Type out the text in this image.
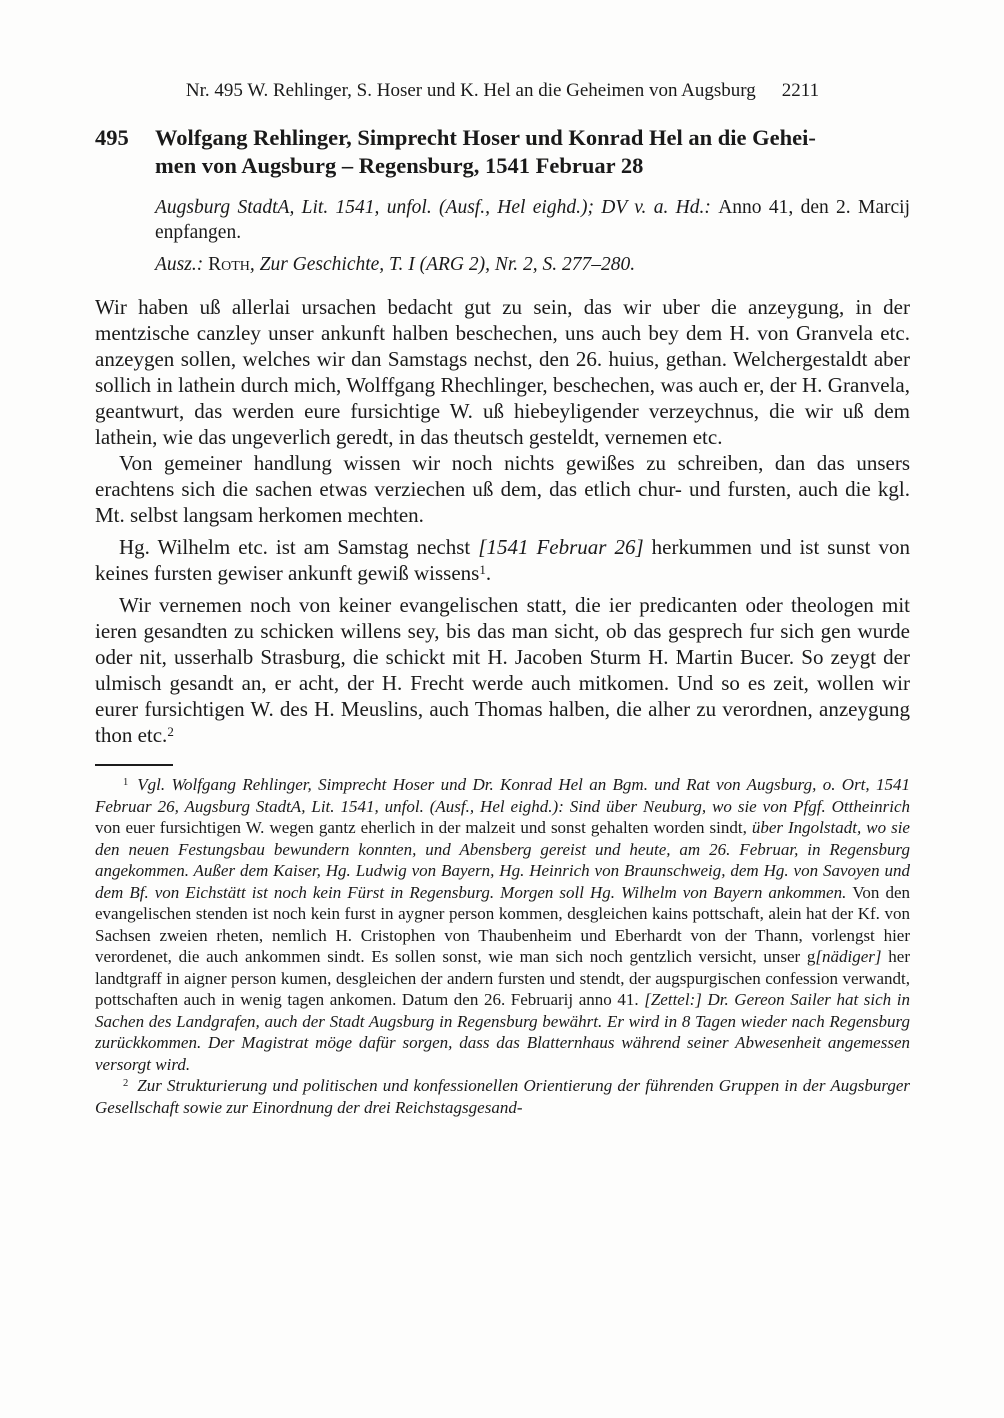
Nr. 495 W. Rehlinger, S. Hoser und K. Hel an die Geheimen von Augsburg 2211
495	Wolfgang Rehlinger, Simprecht Hoser und Konrad Hel an die Gehei-
men von Augsburg – Regensburg, 1541 Februar 28

Augsburg StadtA, Lit. 1541, unfol. (Ausf., Hel eighd.); DV v. a. Hd.: Anno 41, den 2. Marcij enpfangen.

Ausz.: Roth, Zur Geschichte, T. I (ARG 2), Nr. 2, S. 277–280.

Wir haben uß allerlai ursachen bedacht gut zu sein, das wir uber die anzeygung, in der mentzische canzley unser ankunft halben beschechen, uns auch bey dem H. von Granvela etc. anzeygen sollen, welches wir dan Samstags nechst, den 26. huius, gethan. Welchergestaldt aber sollich in lathein durch mich, Wolffgang Rhechlinger, beschechen, was auch er, der H. Granvela, geantwurt, das werden eure fursichtige W. uß hiebeyligender verzeychnus, die wir uß dem lathein, wie das ungeverlich geredt, in das theutsch gesteldt, vernemen etc.

Von gemeiner handlung wissen wir noch nichts gewißes zu schreiben, dan das unsers erachtens sich die sachen etwas verziechen uß dem, das etlich chur- und fursten, auch die kgl. Mt. selbst langsam herkomen mechten.

Hg. Wilhelm etc. ist am Samstag nechst [1541 Februar 26] herkummen und ist sunst von keines fursten gewiser ankunft gewiß wissens$^1$.

Wir vernemen noch von keiner evangelischen statt, die ier predicanten oder theologen mit ieren gesandten zu schicken willens sey, bis das man sicht, ob das gesprech fur sich gen wurde oder nit, usserhalb Strasburg, die schickt mit H. Jacoben Sturm H. Martin Bucer. So zeygt der ulmisch gesandt an, er acht, der H. Frecht werde auch mitkomen. Und so es zeit, wollen wir eurer fursichtigen W. des H. Meuslins, auch Thomas halben, die alher zu verordnen, anzeygung thon etc.$^2$

$^1$ Vgl. Wolfgang Rehlinger, Simprecht Hoser und Dr. Konrad Hel an Bgm. und Rat von Augsburg, o. Ort, 1541 Februar 26, Augsburg StadtA, Lit. 1541, unfol. (Ausf., Hel eighd.): Sind über Neuburg, wo sie von Pfgf. Ottheinrich von euer fursichtigen W. wegen gantz eherlich in der malzeit und sonst gehalten worden sindt, über Ingolstadt, wo sie den neuen Festungsbau bewundern konnten, und Abensberg gereist und heute, am 26. Februar, in Regensburg angekommen. Außer dem Kaiser, Hg. Ludwig von Bayern, Hg. Heinrich von Braunschweig, dem Hg. von Savoyen und dem Bf. von Eichstätt ist noch kein Fürst in Regensburg. Morgen soll Hg. Wilhelm von Bayern ankommen. Von den evangelischen stenden ist noch kein furst in aygner person kommen, desgleichen kains pottschaft, alein hat der Kf. von Sachsen zweien rheten, nemlich H. Cristophen von Thaubenheim und Eberhardt von der Thann, vorlengst hier verordenet, die auch ankommen sindt. Es sollen sonst, wie man sich noch gentzlich versicht, unser g[nädiger] her landtgraff in aigner person kumen, desgleichen der andern fursten und stendt, der augspurgischen confession verwandt, pottschaften auch in wenig tagen ankomen. Datum den 26. Februarij anno 41. [Zettel:] Dr. Gereon Sailer hat sich in Sachen des Landgrafen, auch der Stadt Augsburg in Regensburg bewährt. Er wird in 8 Tagen wieder nach Regensburg zurückkommen. Der Magistrat möge dafür sorgen, dass das Blatternhaus während seiner Abwesenheit angemessen versorgt wird.

$^2$ Zur Strukturierung und politischen und konfessionellen Orientierung der führenden Gruppen in der Augsburger Gesellschaft sowie zur Einordnung der drei Reichstagsgesand-
